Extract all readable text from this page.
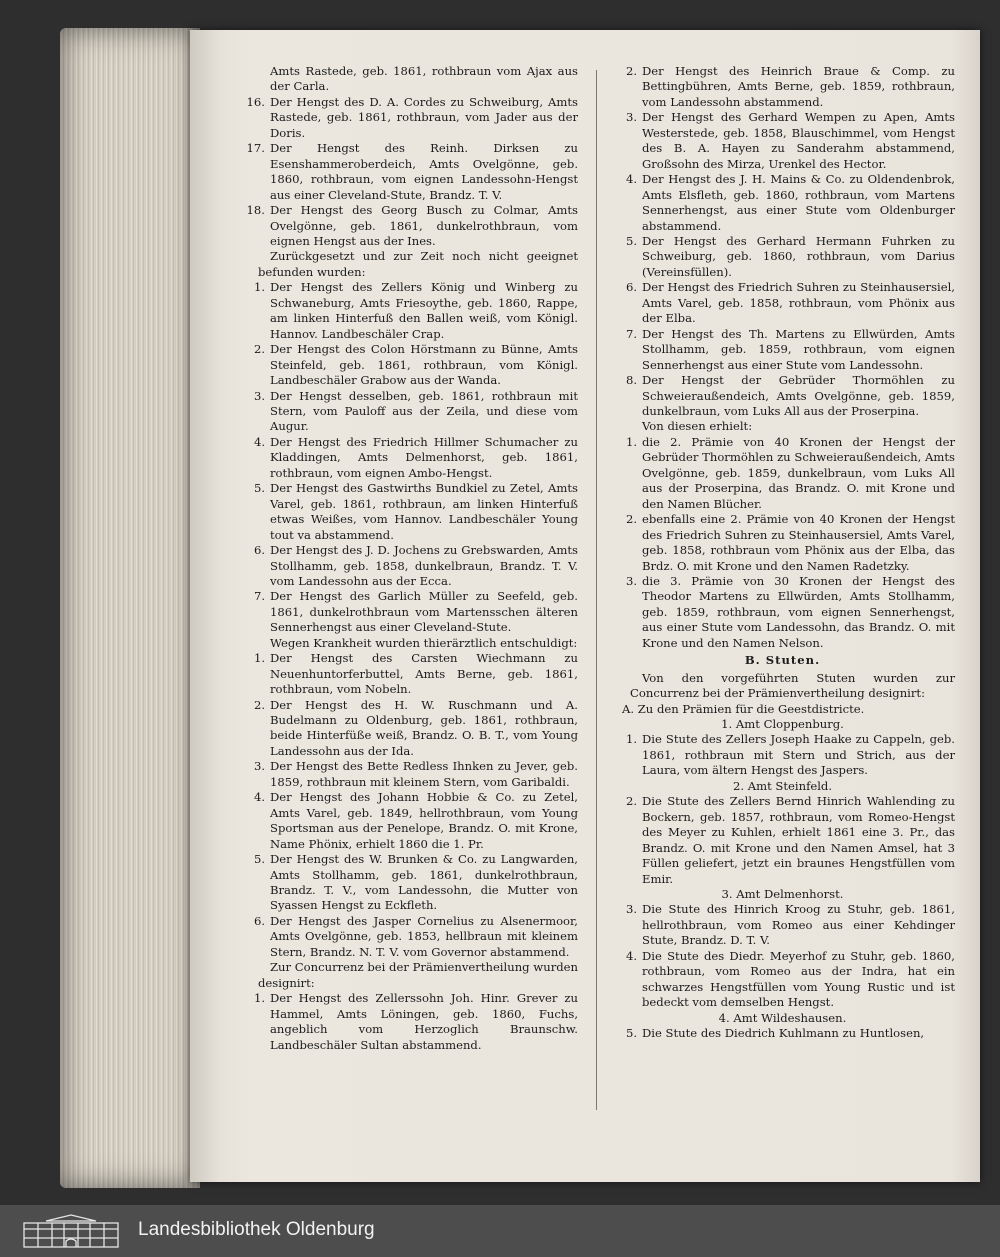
Amts Rastede, geb. 1861, rothbraun vom Ajax aus der Carla.
16. Der Hengst des D. A. Cordes zu Schweiburg, Amts Rastede, geb. 1861, rothbraun, vom Jader aus der Doris.
17. Der Hengst des Reinh. Dirksen zu Esenshammeroberdeich, Amts Ovelgönne, geb. 1860, rothbraun, vom eignen Landessohn-Hengst aus einer Cleveland-Stute, Brandz. T. V.
18. Der Hengst des Georg Busch zu Colmar, Amts Ovelgönne, geb. 1861, dunkelrothbraun, vom eignen Hengst aus der Ines.
Zurückgesetzt und zur Zeit noch nicht geeignet befunden wurden:
1. Der Hengst des Zellers König und Winberg zu Schwaneburg, Amts Friesoythe, geb. 1860, Rappe, am linken Hinterfuß den Ballen weiß, vom Königl. Hannov. Landbeschäler Crap.
2. Der Hengst des Colon Hörstmann zu Bünne, Amts Steinfeld, geb. 1861, rothbraun, vom Königl. Landbeschäler Grabow aus der Wanda.
3. Der Hengst desselben, geb. 1861, rothbraun mit Stern, vom Pauloff aus der Zeila, und diese vom Augur.
4. Der Hengst des Friedrich Hillmer Schumacher zu Kladdingen, Amts Delmenhorst, geb. 1861, rothbraun, vom eignen Ambo-Hengst.
5. Der Hengst des Gastwirths Bundkiel zu Zetel, Amts Varel, geb. 1861, rothbraun, am linken Hinterfuß etwas Weißes, vom Hannov. Landbeschäler Young tout va abstammend.
6. Der Hengst des J. D. Jochens zu Grebswarden, Amts Stollhamm, geb. 1858, dunkelbraun, Brandz. T. V. vom Landessohn aus der Ecca.
7. Der Hengst des Garlich Müller zu Seefeld, geb. 1861, dunkelrothbraun vom Martensschen älteren Sennerhengst aus einer Cleveland-Stute.
Wegen Krankheit wurden thierärztlich entschuldigt:
1. Der Hengst des Carsten Wiechmann zu Neuenhuntorferbuttel, Amts Berne, geb. 1861, rothbraun, vom Nobeln.
2. Der Hengst des H. W. Ruschmann und A. Budelmann zu Oldenburg, geb. 1861, rothbraun, beide Hinterfüße weiß, Brandz. O. B. T., vom Young Landessohn aus der Ida.
3. Der Hengst des Bette Redless Ihnken zu Jever, geb. 1859, rothbraun mit kleinem Stern, vom Garibaldi.
4. Der Hengst des Johann Hobbie & Co. zu Zetel, Amts Varel, geb. 1849, hellrothbraun, vom Young Sportsman aus der Penelope, Brandz. O. mit Krone, Name Phönix, erhielt 1860 die 1. Pr.
5. Der Hengst des W. Brunken & Co. zu Langwarden, Amts Stollhamm, geb. 1861, dunkelrothbraun, Brandz. T. V., vom Landessohn, die Mutter von Syassen Hengst zu Eckfleth.
6. Der Hengst des Jasper Cornelius zu Alsenermoor, Amts Ovelgönne, geb. 1853, hellbraun mit kleinem Stern, Brandz. N. T. V. vom Governor abstammend.
Zur Concurrenz bei der Prämienvertheilung wurden designirt:
1. Der Hengst des Zellerssohn Joh. Hinr. Grever zu Hammel, Amts Löningen, geb. 1860, Fuchs, angeblich vom Herzoglich Braunschw. Landbeschäler Sultan abstammend.
2. Der Hengst des Heinrich Braue & Comp. zu Bettingbühren, Amts Berne, geb. 1859, rothbraun, vom Landessohn abstammend.
3. Der Hengst des Gerhard Wempen zu Apen, Amts Westerstede, geb. 1858, Blauschimmel, vom Hengst des B. A. Hayen zu Sanderahm abstammend, Großsohn des Mirza, Urenkel des Hector.
4. Der Hengst des J. H. Mains & Co. zu Oldendenbrok, Amts Elsfleth, geb. 1860, rothbraun, vom Martens Sennerhengst, aus einer Stute vom Oldenburger abstammend.
5. Der Hengst des Gerhard Hermann Fuhrken zu Schweiburg, geb. 1860, rothbraun, vom Darius (Vereinsfüllen).
6. Der Hengst des Friedrich Suhren zu Steinhausersiel, Amts Varel, geb. 1858, rothbraun, vom Phönix aus der Elba.
7. Der Hengst des Th. Martens zu Ellwürden, Amts Stollhamm, geb. 1859, rothbraun, vom eignen Sennerhengst aus einer Stute vom Landessohn.
8. Der Hengst der Gebrüder Thormöhlen zu Schweieraußendeich, Amts Ovelgönne, geb. 1859, dunkelbraun, vom Luks All aus der Proserpina.
Von diesen erhielt:
1. die 2. Prämie von 40 Kronen der Hengst der Gebrüder Thormöhlen zu Schweieraußendeich, Amts Ovelgönne, geb. 1859, dunkelbraun, vom Luks All aus der Proserpina, das Brandz. O. mit Krone und den Namen Blücher.
2. ebenfalls eine 2. Prämie von 40 Kronen der Hengst des Friedrich Suhren zu Steinhausersiel, Amts Varel, geb. 1858, rothbraun vom Phönix aus der Elba, das Brdz. O. mit Krone und den Namen Radetzky.
3. die 3. Prämie von 30 Kronen der Hengst des Theodor Martens zu Ellwürden, Amts Stollhamm, geb. 1859, rothbraun, vom eignen Sennerhengst, aus einer Stute vom Landessohn, das Brandz. O. mit Krone und den Namen Nelson.
B. Stuten.
Von den vorgeführten Stuten wurden zur Concurrenz bei der Prämienvertheilung designirt:
A. Zu den Prämien für die Geestdistricte.
1. Amt Cloppenburg.
1. Die Stute des Zellers Joseph Haake zu Cappeln, geb. 1861, rothbraun mit Stern und Strich, aus der Laura, vom ältern Hengst des Jaspers.
2. Amt Steinfeld.
2. Die Stute des Zellers Bernd Hinrich Wahlending zu Bockern, geb. 1857, rothbraun, vom Romeo-Hengst des Meyer zu Kuhlen, erhielt 1861 eine 3. Pr., das Brandz. O. mit Krone und den Namen Amsel, hat 3 Füllen geliefert, jetzt ein braunes Hengstfüllen vom Emir.
3. Amt Delmenhorst.
3. Die Stute des Hinrich Kroog zu Stuhr, geb. 1861, hellrothbraun, vom Romeo aus einer Kehdinger Stute, Brandz. D. T. V.
4. Die Stute des Diedr. Meyerhof zu Stuhr, geb. 1860, rothbraun, vom Romeo aus der Indra, hat ein schwarzes Hengstfüllen vom Young Rustic und ist bedeckt vom demselben Hengst.
4. Amt Wildeshausen.
5. Die Stute des Diedrich Kuhlmann zu Huntlosen,
Landesbibliothek Oldenburg
